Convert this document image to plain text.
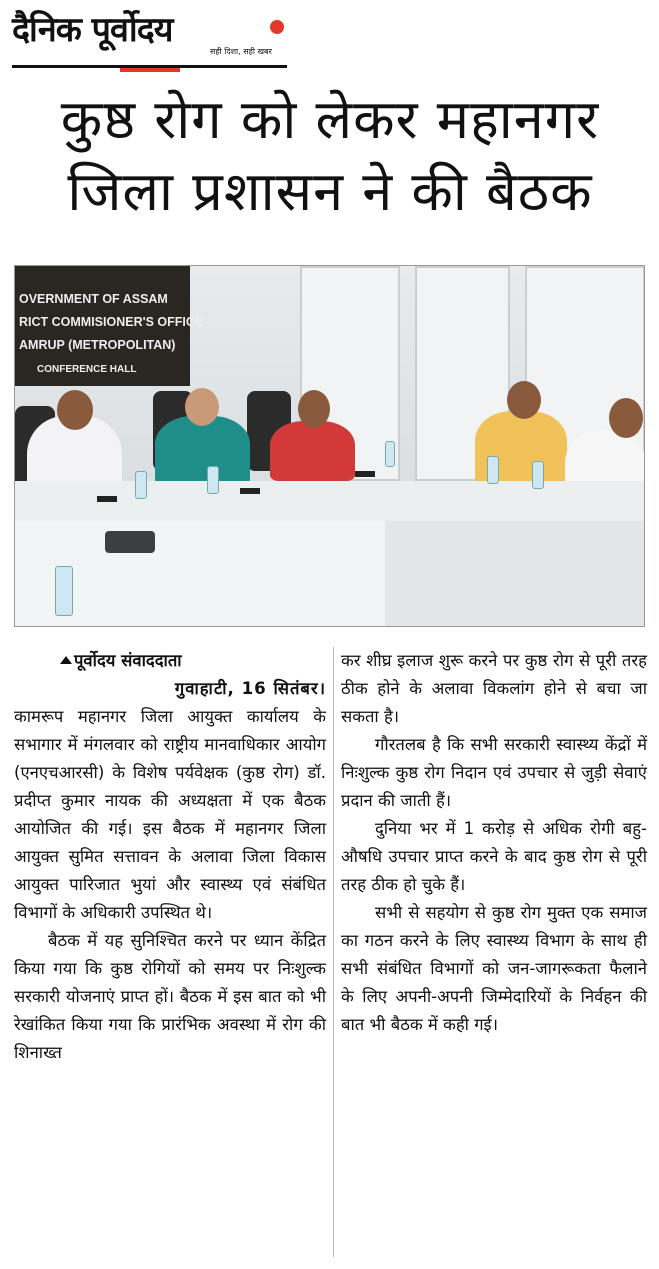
दैनिक पूर्वोदय
सही दिशा, सही खबर
कुष्ठ रोग को लेकर महानगर
जिला प्रशासन ने की बैठक
OVERNMENT OF ASSAM
RICT COMMISIONER'S OFFICE
AMRUP (METROPOLITAN)
CONFERENCE HALL
पूर्वोदय संवाददाता
गुवाहाटी, 16 सितंबर।
कामरूप महानगर जिला आयुक्त कार्यालय के सभागार में मंगलवार को राष्ट्रीय मानवाधिकार आयोग (एनएचआरसी) के विशेष पर्यवेक्षक (कुष्ठ रोग) डॉ. प्रदीप्त कुमार नायक की अध्यक्षता में एक बैठक आयोजित की गई। इस बैठक में महानगर जिला आयुक्त सुमित सत्तावन के अलावा जिला विकास आयुक्त पारिजात भुयां और स्वास्थ्य एवं संबंधित विभागों के अधिकारी उपस्थित थे।
बैठक में यह सुनिश्चित करने पर ध्यान केंद्रित किया गया कि कुष्ठ रोगियों को समय पर निःशुल्क सरकारी योजनाएं प्राप्त हों। बैठक में इस बात को भी रेखांकित किया गया कि प्रारंभिक अवस्था में रोग की शिनाख्त
कर शीघ्र इलाज शुरू करने पर कुष्ठ रोग से पूरी तरह ठीक होने के अलावा विकलांग होने से बचा जा सकता है।
गौरतलब है कि सभी सरकारी स्वास्थ्य केंद्रों में निःशुल्क कुष्ठ रोग निदान एवं उपचार से जुड़ी सेवाएं प्रदान की जाती हैं।
दुनिया भर में 1 करोड़ से अधिक रोगी बहु-औषधि उपचार प्राप्त करने के बाद कुष्ठ रोग से पूरी तरह ठीक हो चुके हैं।
सभी से सहयोग से कुष्ठ रोग मुक्त एक समाज का गठन करने के लिए स्वास्थ्य विभाग के साथ ही सभी संबंधित विभागों को जन-जागरूकता फैलाने के लिए अपनी-अपनी जिम्मेदारियों के निर्वहन की बात भी बैठक में कही गई।
